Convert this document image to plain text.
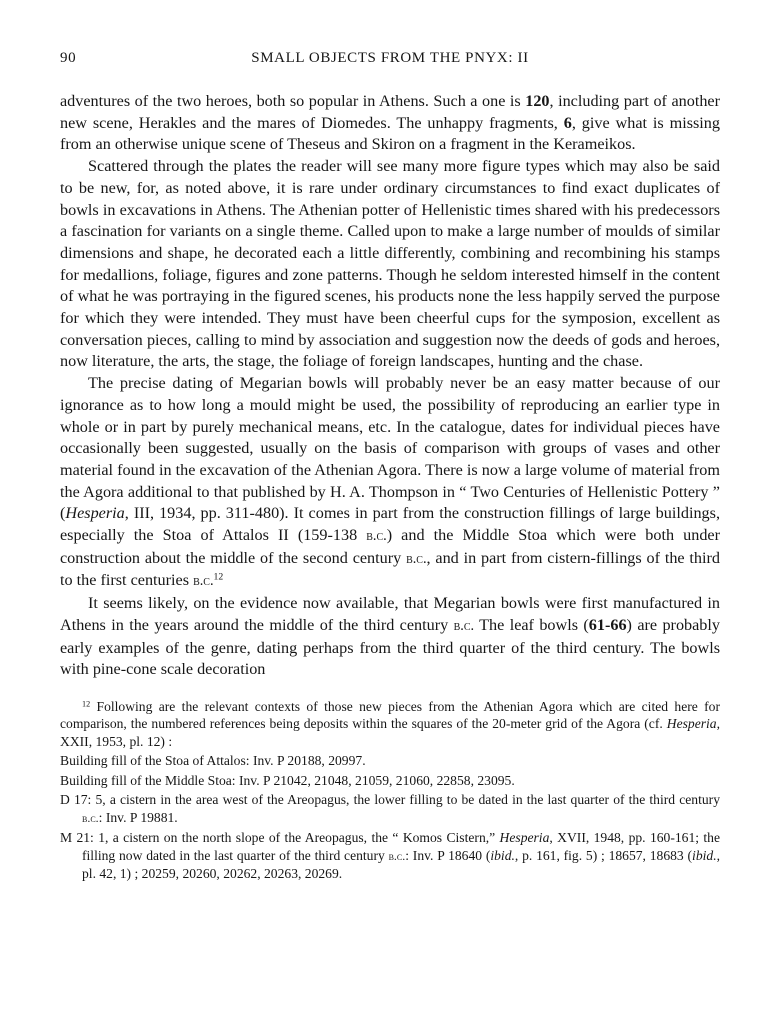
90	SMALL OBJECTS FROM THE PNYX: II

adventures of the two heroes, both so popular in Athens. Such a one is 120, including part of another new scene, Herakles and the mares of Diomedes. The unhappy fragments, 6, give what is missing from an otherwise unique scene of Theseus and Skiron on a fragment in the Kerameikos.

Scattered through the plates the reader will see many more figure types which may also be said to be new, for, as noted above, it is rare under ordinary circumstances to find exact duplicates of bowls in excavations in Athens. The Athenian potter of Hellenistic times shared with his predecessors a fascination for variants on a single theme. Called upon to make a large number of moulds of similar dimensions and shape, he decorated each a little differently, combining and recombining his stamps for medallions, foliage, figures and zone patterns. Though he seldom interested himself in the content of what he was portraying in the figured scenes, his products none the less happily served the purpose for which they were intended. They must have been cheerful cups for the symposion, excellent as conversation pieces, calling to mind by association and suggestion now the deeds of gods and heroes, now literature, the arts, the stage, the foliage of foreign landscapes, hunting and the chase.

The precise dating of Megarian bowls will probably never be an easy matter because of our ignorance as to how long a mould might be used, the possibility of reproducing an earlier type in whole or in part by purely mechanical means, etc. In the catalogue, dates for individual pieces have occasionally been suggested, usually on the basis of comparison with groups of vases and other material found in the excavation of the Athenian Agora. There is now a large volume of material from the Agora additional to that published by H. A. Thompson in “ Two Centuries of Hellenistic Pottery ” (Hesperia, III, 1934, pp. 311-480). It comes in part from the construction fillings of large buildings, especially the Stoa of Attalos II (159-138 b.c.) and the Middle Stoa which were both under construction about the middle of the second century b.c., and in part from cistern-fillings of the third to the first centuries b.c.$^{12}$

It seems likely, on the evidence now available, that Megarian bowls were first manufactured in Athens in the years around the middle of the third century b.c. The leaf bowls (61-66) are probably early examples of the genre, dating perhaps from the third quarter of the third century. The bowls with pine-cone scale decoration

$^{12}$ Following are the relevant contexts of those new pieces from the Athenian Agora which are cited here for comparison, the numbered references being deposits within the squares of the 20-meter grid of the Agora (cf. Hesperia, XXII, 1953, pl. 12) :

Building fill of the Stoa of Attalos: Inv. P 20188, 20997.

Building fill of the Middle Stoa: Inv. P 21042, 21048, 21059, 21060, 22858, 23095.

D 17: 5, a cistern in the area west of the Areopagus, the lower filling to be dated in the last quarter of the third century b.c.: Inv. P 19881.

M 21: 1, a cistern on the north slope of the Areopagus, the “ Komos Cistern,” Hesperia, XVII, 1948, pp. 160-161; the filling now dated in the last quarter of the third century b.c.: Inv. P 18640 (ibid., p. 161, fig. 5) ; 18657, 18683 (ibid., pl. 42, 1) ; 20259, 20260, 20262, 20263, 20269.
